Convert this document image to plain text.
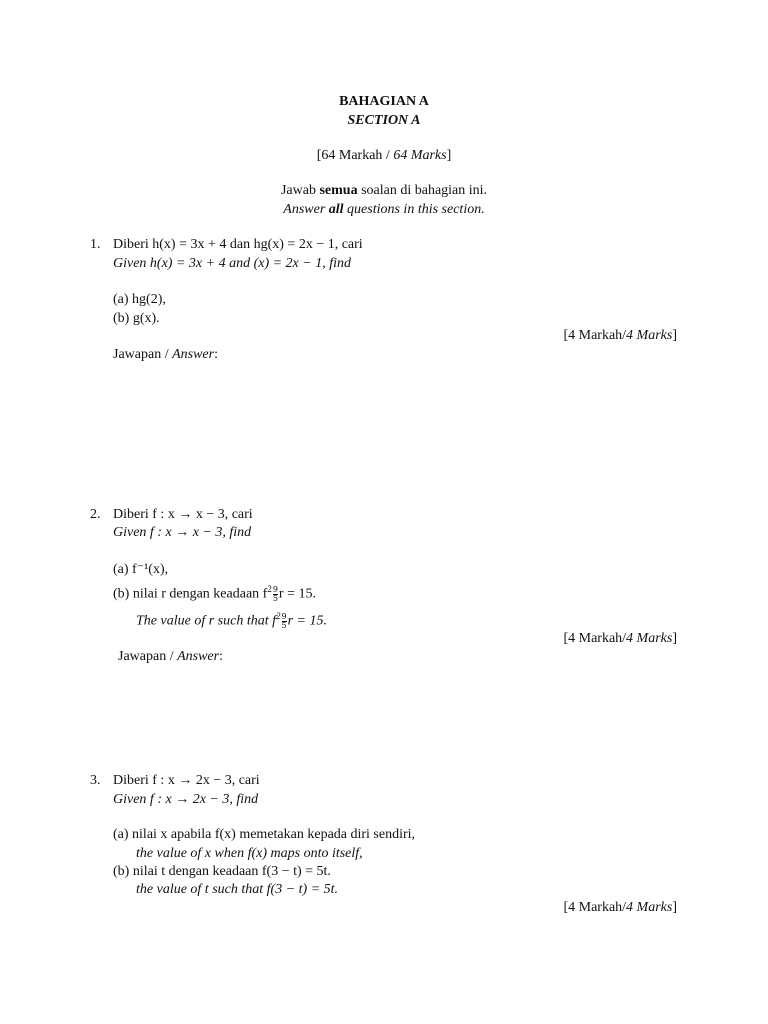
BAHAGIAN A
SECTION A
[64 Markah / 64 Marks]
Jawab semua soalan di bahagian ini.
Answer all questions in this section.
1. Diberi h(x) = 3x + 4 dan hg(x) = 2x − 1, cari
Given h(x) = 3x + 4 and (x) = 2x − 1, find
(a) hg(2),
(b) g(x).
[4 Markah/4 Marks]
Jawapan / Answer:
2. Diberi f : x → x − 3, cari
Given f : x → x − 3, find
(a) f⁻¹(x),
(b) nilai r dengan keadaan $f^2 \frac{9}{5}$ r = 15.
The value of r such that $f^2 \frac{9}{5}$ r = 15.
[4 Markah/4 Marks]
Jawapan / Answer:
3. Diberi f : x → 2x − 3, cari
Given f : x → 2x − 3, find
(a) nilai x apabila f(x) memetakan kepada diri sendiri,
the value of x when f(x) maps onto itself,
(b) nilai t dengan keadaan f(3 − t) = 5t.
the value of t such that f(3 − t) = 5t.
[4 Markah/4 Marks]
